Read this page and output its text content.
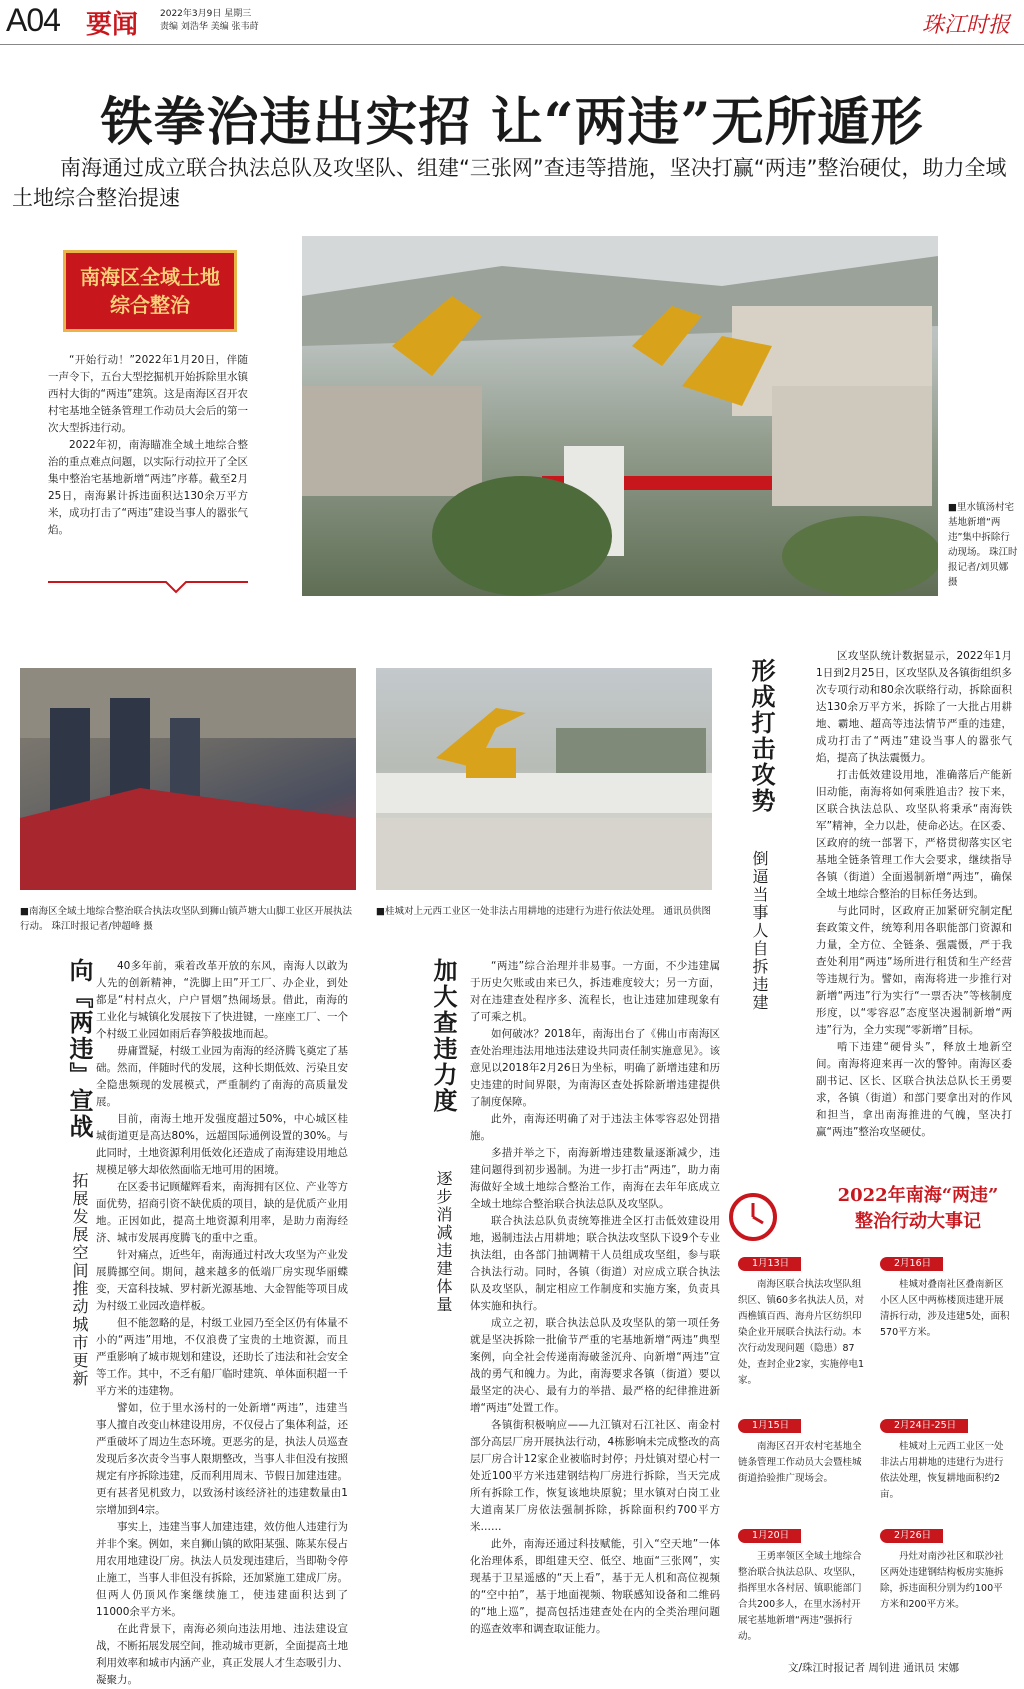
A04 要闻 2022年3月9日 星期三
责编 刘浩华 美编 张韦莳	珠江时报
铁拳治违出实招 让“两违”无所遁形
南海通过成立联合执法总队及攻坚队、组建“三张网”查违等措施，坚决打赢“两违”整治硬仗，助力全域土地综合整治提速
南海区全域土地
综合整治

“开始行动！”2022年1月20日，伴随一声令下，五台大型挖掘机开始拆除里水镇西村大街的“两违”建筑。这是南海区召开农村宅基地全链条管理工作动员大会后的第一次大型拆违行动。

2022年初，南海瞄准全域土地综合整治的重点难点问题，以实际行动拉开了全区集中整治宅基地新增“两违”序幕。截至2月25日，南海累计拆违面积达130余万平方米，成功打击了“两违”建设当事人的嚣张气焰。

■里水镇汤村宅基地新增“两违”集中拆除行动现场。 珠江时报记者/刘贝娜 摄
■南海区全域土地综合整治联合执法攻坚队到狮山镇芦塘大山脚工业区开展执法行动。 珠江时报记者/钟超峰 摄
■桂城对上元西工业区一处非法占用耕地的违建行为进行依法处理。 通讯员供图
向『两违』宣战
拓展发展空间推动城市更新
加大查违力度
逐步消减违建体量
形成打击攻势
倒逼当事人自拆违建

40多年前，乘着改革开放的东风，南海人以敢为人先的创新精神，“洗脚上田”开工厂、办企业，到处都是“村村点火，户户冒烟”热闹场景。借此，南海的工业化与城镇化发展按下了快进键，一座座工厂、一个个村级工业园如雨后春笋般拔地而起。

毋庸置疑，村级工业园为南海的经济腾飞奠定了基础。然而，伴随时代的发展，这种长期低效、污染且安全隐患频现的发展模式，严重制约了南海的高质量发展。

目前，南海土地开发强度超过50%，中心城区桂城街道更是高达80%，远超国际通例设置的30%。与此同时，土地资源利用低效化还造成了南海建设用地总规模足够大却依然面临无地可用的困境。

在区委书记顾耀辉看来，南海拥有区位、产业等方面优势，招商引资不缺优质的项目，缺的是优质产业用地。正因如此，提高土地资源利用率，是助力南海经济、城市发展再度腾飞的重中之重。

针对痛点，近些年，南海通过村改大攻坚为产业发展腾挪空间。期间，越来越多的低端厂房实现华丽蝶变，天富科技城、罗村新光源基地、大金智能等项目成为村级工业园改造样板。

但不能忽略的是，村级工业园乃至全区仍有体量不小的“两违”用地，不仅浪费了宝贵的土地资源，而且严重影响了城市规划和建设，还助长了违法和社会安全等工作。其中，不乏有船厂临时建筑、单体面积超一千平方米的违建物。

譬如，位于里水汤村的一处新增“两违”，违建当事人擅自改变山林建设用房，不仅侵占了集体利益，还严重破坏了周边生态环境。更恶劣的是，执法人员巡查发现后多次责令当事人限期整改，当事人非但没有按照规定有序拆除违建，反而利用周末、节假日加建违建。更有甚者见机致力，以致汤村该经济社的违建数量由1宗增加到4宗。

事实上，违建当事人加建违建，效仿他人违建行为并非个案。例如，来自狮山镇的欧阳某强、陈某东侵占用农用地建设厂房。执法人员发现违建后，当即勒令停止施工，当事人非但没有拆除，还加紧施工建成厂房。但两人仍顶风作案继续施工，使违建面积达到了11000余平方米。

在此背景下，南海必须向违法用地、违法建设宣战，不断拓展发展空间，推动城市更新，全面提高土地利用效率和城市内涵产业，真正发展人才生态吸引力、凝聚力。

“两违”综合治理并非易事。一方面，不少违建属于历史欠账或由来已久，拆违难度较大；另一方面，对在违建查处程序多、流程长，也让违建加建现象有了可乘之机。

如何破冰？2018年，南海出台了《佛山市南海区查处治理违法用地违法建设共同责任制实施意见》。该意见以2018年2月26日为坐标，明确了新增违建和历史违建的时间界限，为南海区查处拆除新增违建提供了制度保障。

此外，南海还明确了对于违法主体零容忍处罚措施。

多措并举之下，南海新增违建数量逐渐减少，违建问题得到初步遏制。为进一步打击“两违”，助力南海做好全域土地综合整治工作，南海在去年年底成立全域土地综合整治联合执法总队及攻坚队。

联合执法总队负责统筹推进全区打击低效建设用地，遏制违法占用耕地；联合执法攻坚队下设9个专业执法组，由各部门抽调精干人员组成攻坚组，参与联合执法行动。同时，各镇（街道）对应成立联合执法队及攻坚队，制定相应工作制度和实施方案，负责具体实施和执行。

成立之初，联合执法总队及攻坚队的第一项任务就是坚决拆除一批偷节严重的宅基地新增“两违”典型案例，向全社会传递南海破釜沉舟、向新增“两违”宣战的勇气和魄力。为此，南海要求各镇（街道）要以最坚定的决心、最有力的举措、最严格的纪律推进新增“两违”处置工作。

各镇街积极响应——九江镇对石江社区、南金村部分高层厂房开展执法行动，4栋影响未完成整改的高层厂房合计12家企业被临时封停；丹灶镇对望心村一处近100平方米违建钢结构厂房进行拆除，当天完成所有拆除工作，恢复该地块原貌；里水镇对白岗工业大道南某厂房依法强制拆除，拆除面积约700平方米……

此外，南海还通过科技赋能，引入“空天地”一体化治理体系，即组建天空、低空、地面“三张网”，实现基于卫星遥感的“天上看”，基于无人机和高位视频的“空中拍”，基于地面视频、物联感知设备和二维码的“地上巡”，提高包括违建查处在内的全类治理问题的巡查效率和调查取证能力。

区攻坚队统计数据显示，2022年1月1日到2月25日，区攻坚队及各镇街组织多次专项行动和80余次联络行动，拆除面积达130余万平方米，拆除了一大批占用耕地、霸地、超高等违法情节严重的违建，成功打击了“两违”建设当事人的嚣张气焰，提高了执法震慑力。

打击低效建设用地，准确落后产能新旧动能，南海将如何乘胜追击？按下来，区联合执法总队、攻坚队将秉承“南海铁军”精神，全力以赴，使命必达。在区委、区政府的统一部署下，严格贯彻落实区宅基地全链条管理工作大会要求，继续指导各镇（街道）全面遏制新增“两违”，确保全域土地综合整治的目标任务达到。

与此同时，区政府正加紧研究制定配套政策文件，统筹利用各职能部门资源和力量，全方位、全链条、强震慑，严于我查处利用“两违”场所进行租赁和生产经营等违规行为。譬如，南海将进一步推行对新增“两违”行为实行“一票否决”等核制度形度，以“零容忍”态度坚决遏制新增“两违”行为，全力实现“零新增”目标。

啃下违建“硬骨头”，释放土地新空间。南海将迎来再一次的警钟。南海区委副书记、区长、区联合执法总队长王勇要求，各镇（街道）和部门要拿出对的作风和担当，拿出南海推进的气魄，坚决打赢“两违”整治攻坚硬仗。

2022年南海“两违”
整治行动大事记
1月13日
南海区联合执法攻坚队组织区、镇60多名执法人员，对西樵镇百西、海舟片区纺织印染企业开展联合执法行动。本次行动发现问题（隐患）87处，查封企业2家，实施停电1家。
2月16日
桂城对叠南社区叠南新区小区人区中两栋楼顶违建开展清拆行动，涉及违建5处，面积570平方米。
1月15日
南海区召开农村宅基地全链条管理工作动员大会暨桂城街道拾验推广现场会。
2月24日-25日
桂城对上元西工业区一处非法占用耕地的违建行为进行依法处理，恢复耕地面积约2亩。
1月20日
王勇率领区全域土地综合整治联合执法总队、攻坚队，指挥里水各村居、镇职能部门合共200多人，在里水汤村开展宅基地新增“两违”强拆行动。
2月26日
丹灶对南沙社区和联沙社区两处违建钢结构板房实施拆除，拆违面积分别为约100平方米和200平方米。
文/珠江时报记者 周钊进 通讯员 宋娜
